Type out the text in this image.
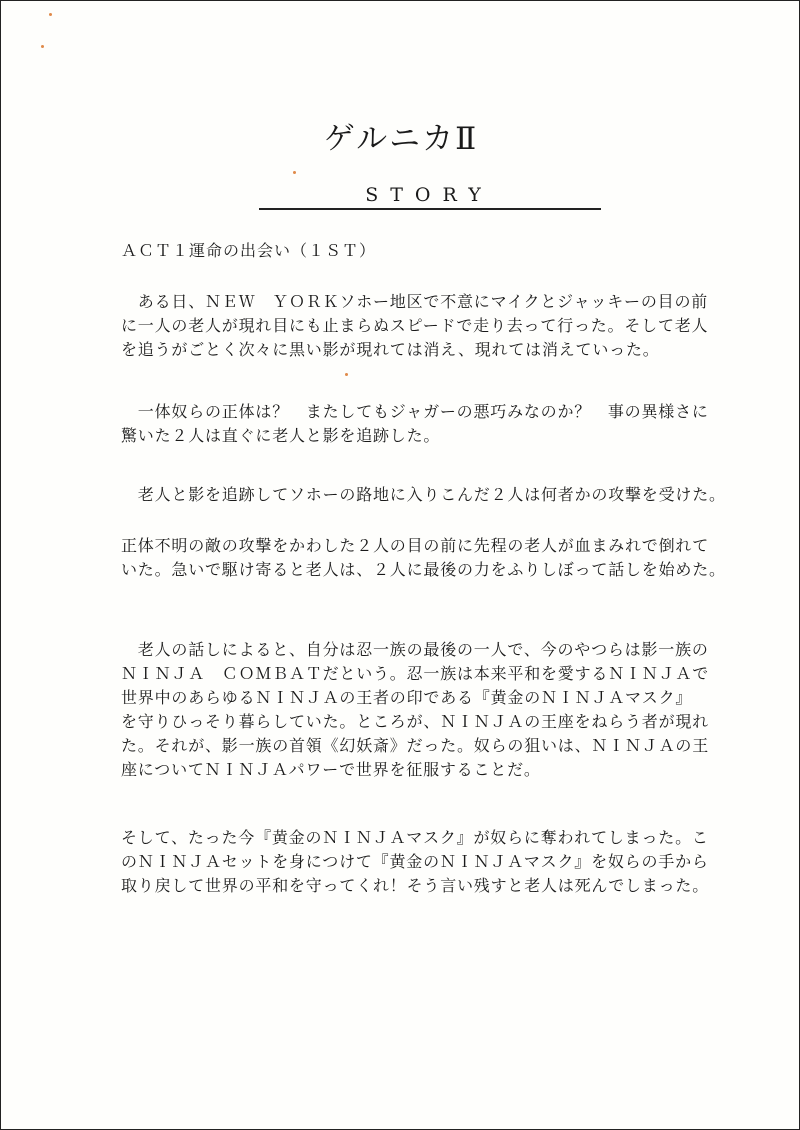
ゲルニカⅡ
STORY
ＡＣＴ１運命の出会い（１ＳＴ）
　ある日、ＮＥＷ　ＹＯＲＫソホー地区で不意にマイクとジャッキーの目の前
に一人の老人が現れ目にも止まらぬスピードで走り去って行った。そして老人
を追うがごとく次々に黒い影が現れては消え、現れては消えていった。
　一体奴らの正体は？　またしてもジャガーの悪巧みなのか？　事の異様さに
驚いた２人は直ぐに老人と影を追跡した。
　老人と影を追跡してソホーの路地に入りこんだ２人は何者かの攻撃を受けた。
正体不明の敵の攻撃をかわした２人の目の前に先程の老人が血まみれで倒れて
いた。急いで駆け寄ると老人は、２人に最後の力をふりしぼって話しを始めた。
　老人の話しによると、自分は忍一族の最後の一人で、今のやつらは影一族の
ＮＩＮＪＡ　ＣＯＭＢＡＴだという。忍一族は本来平和を愛するＮＩＮＪＡで
世界中のあらゆるＮＩＮＪＡの王者の印である『黄金のＮＩＮＪＡマスク』
を守りひっそり暮らしていた。ところが、ＮＩＮＪＡの王座をねらう者が現れ
た。それが、影一族の首領《幻妖斎》だった。奴らの狙いは、ＮＩＮＪＡの王
座についてＮＩＮＪＡパワーで世界を征服することだ。
そして、たった今『黄金のＮＩＮＪＡマスク』が奴らに奪われてしまった。こ
のＮＩＮＪＡセットを身につけて『黄金のＮＩＮＪＡマスク』を奴らの手から
取り戻して世界の平和を守ってくれ！そう言い残すと老人は死んでしまった。
